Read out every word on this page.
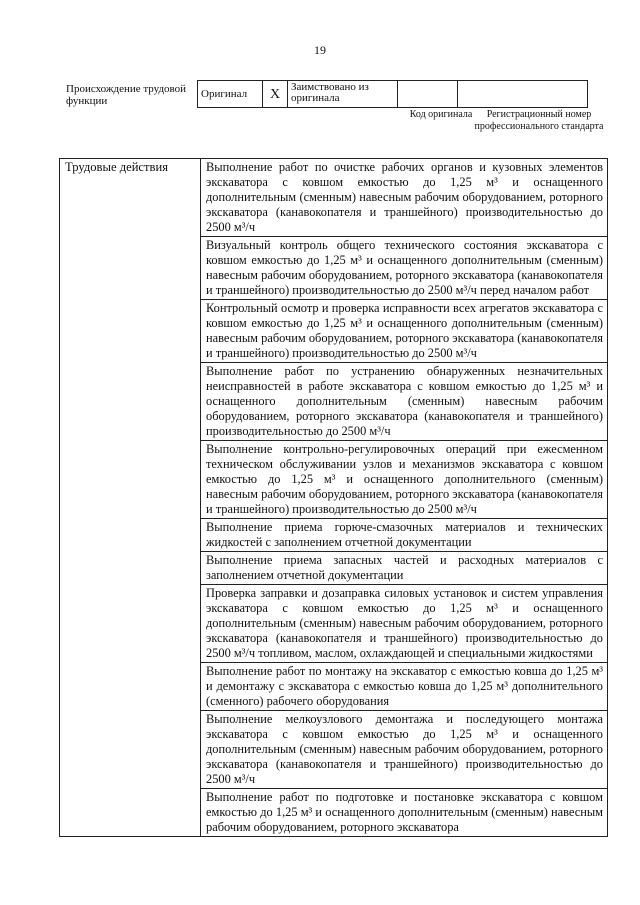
19
Происхождение трудовой функции
Оригинал	X	Заимствовано из оригинала		
Код оригинала	Регистрационный номер профессионального стандарта
Трудовые действия	Выполнение работ по очистке рабочих органов и кузовных элементов экскаватора с ковшом емкостью до 1,25 м³ и оснащенного дополнительным (сменным) навесным рабочим оборудованием, роторного экскаватора (канавокопателя и траншейного) производительностью до 2500 м³/ч
Визуальный контроль общего технического состояния экскаватора с ковшом емкостью до 1,25 м³ и оснащенного дополнительным (сменным) навесным рабочим оборудованием, роторного экскаватора (канавокопателя и траншейного) производительностью до 2500 м³/ч перед началом работ
Контрольный осмотр и проверка исправности всех агрегатов экскаватора с ковшом емкостью до 1,25 м³ и оснащенного дополнительным (сменным) навесным рабочим оборудованием, роторного экскаватора (канавокопателя и траншейного) производительностью до 2500 м³/ч
Выполнение работ по устранению обнаруженных незначительных неисправностей в работе экскаватора с ковшом емкостью до 1,25 м³ и оснащенного дополнительным (сменным) навесным рабочим оборудованием, роторного экскаватора (канавокопателя и траншейного) производительностью до 2500 м³/ч
Выполнение контрольно-регулировочных операций при ежесменном техническом обслуживании узлов и механизмов экскаватора с ковшом емкостью до 1,25 м³ и оснащенного дополнительного (сменным) навесным рабочим оборудованием, роторного экскаватора (канавокопателя и траншейного) производительностью до 2500 м³/ч
Выполнение приема горюче-смазочных материалов и технических жидкостей с заполнением отчетной документации
Выполнение приема запасных частей и расходных материалов с заполнением отчетной документации
Проверка заправки и дозаправка силовых установок и систем управления экскаватора с ковшом емкостью до 1,25 м³ и оснащенного дополнительным (сменным) навесным рабочим оборудованием, роторного экскаватора (канавокопателя и траншейного) производительностью до 2500 м³/ч топливом, маслом, охлаждающей и специальными жидкостями
Выполнение работ по монтажу на экскаватор с емкостью ковша до 1,25 м³ и демонтажу с экскаватора с емкостью ковша до 1,25 м³ дополнительного (сменного) рабочего оборудования
Выполнение мелкоузлового демонтажа и последующего монтажа экскаватора с ковшом емкостью до 1,25 м³ и оснащенного дополнительным (сменным) навесным рабочим оборудованием, роторного экскаватора (канавокопателя и траншейного) производительностью до 2500 м³/ч
Выполнение работ по подготовке и постановке экскаватора с ковшом емкостью до 1,25 м³ и оснащенного дополнительным (сменным) навесным рабочим оборудованием, роторного экскаватора
